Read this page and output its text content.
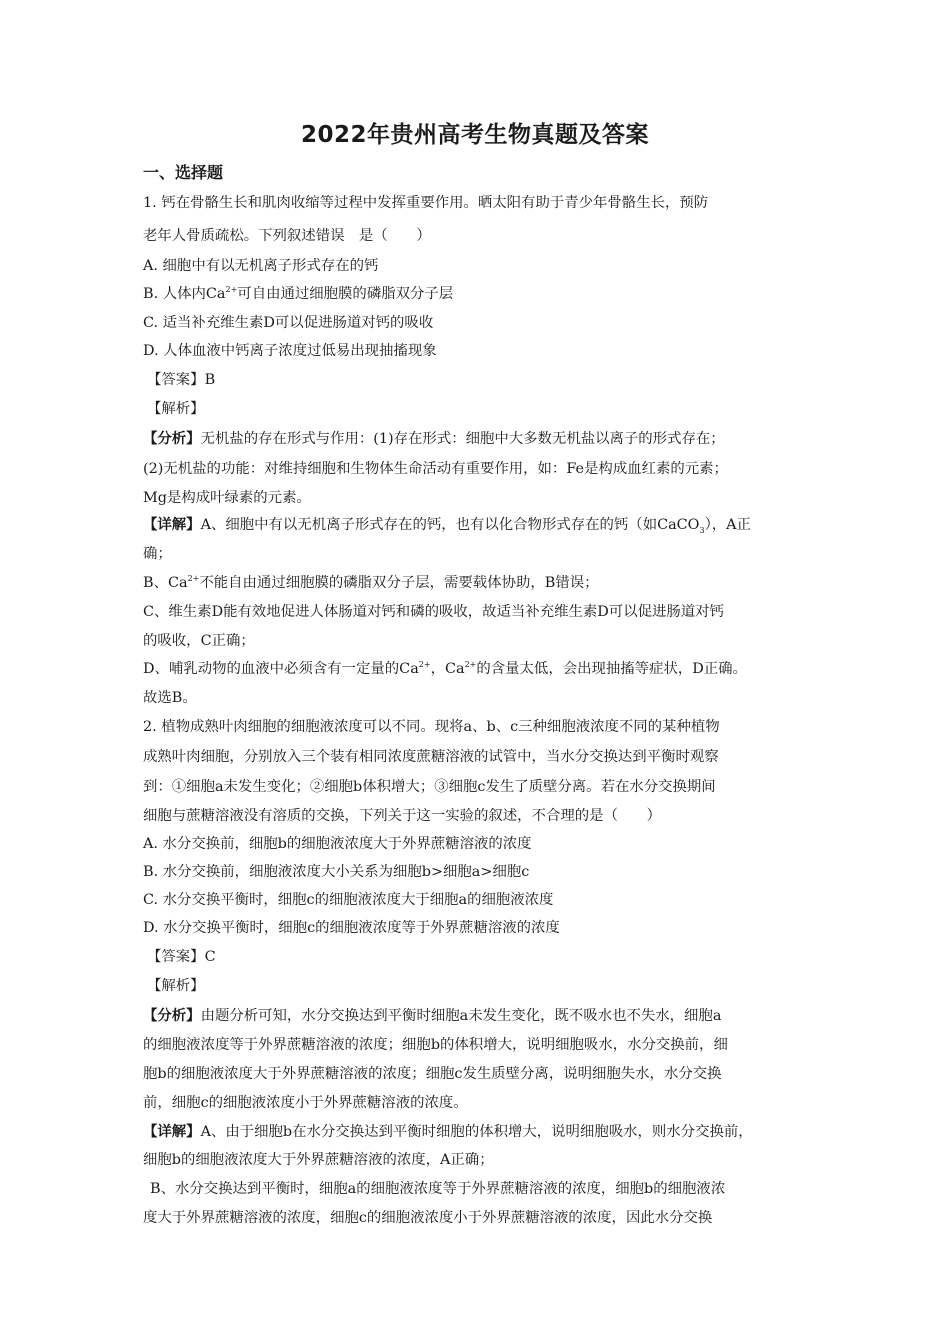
2022年贵州高考生物真题及答案
一、选择题
1. 钙在骨骼生长和肌肉收缩等过程中发挥重要作用。晒太阳有助于青少年骨骼生长，预防
老年人骨质疏松。下列叙述错误　是（　　）
A. 细胞中有以无机离子形式存在的钙
B. 人体内$Ca^{2+}$可自由通过细胞膜的磷脂双分子层
C. 适当补充维生素D可以促进肠道对钙的吸收
D. 人体血液中钙离子浓度过低易出现抽搐现象
【答案】B
【解析】
【分析】无机盐的存在形式与作用：(1)存在形式：细胞中大多数无机盐以离子的形式存在；
(2)无机盐的功能：对维持细胞和生物体生命活动有重要作用，如：Fe是构成血红素的元素；
Mg是构成叶绿素的元素。
【详解】A、细胞中有以无机离子形式存在的钙，也有以化合物形式存在的钙（如CaCO$_3$），A正
确；
B、$Ca^{2+}$不能自由通过细胞膜的磷脂双分子层，需要载体协助，B错误；
C、维生素D能有效地促进人体肠道对钙和磷的吸收，故适当补充维生素D可以促进肠道对钙
的吸收，C正确；
D、哺乳动物的血液中必须含有一定量的$Ca^{2+}$，$Ca^{2+}$的含量太低，会出现抽搐等症状，D正确。
故选B。
2. 植物成熟叶肉细胞的细胞液浓度可以不同。现将a、b、c三种细胞液浓度不同的某种植物
成熟叶肉细胞，分别放入三个装有相同浓度蔗糖溶液的试管中，当水分交换达到平衡时观察
到：①细胞a未发生变化；②细胞b体积增大；③细胞c发生了质壁分离。若在水分交换期间
细胞与蔗糖溶液没有溶质的交换，下列关于这一实验的叙述，不合理的是（　　）
A. 水分交换前，细胞b的细胞液浓度大于外界蔗糖溶液的浓度
B. 水分交换前，细胞液浓度大小关系为细胞b>细胞a>细胞c
C. 水分交换平衡时，细胞c的细胞液浓度大于细胞a的细胞液浓度
D. 水分交换平衡时，细胞c的细胞液浓度等于外界蔗糖溶液的浓度
【答案】C
【解析】
【分析】由题分析可知，水分交换达到平衡时细胞a未发生变化，既不吸水也不失水，细胞a
的细胞液浓度等于外界蔗糖溶液的浓度；细胞b的体积增大，说明细胞吸水，水分交换前，细
胞b的细胞液浓度大于外界蔗糖溶液的浓度；细胞c发生质壁分离，说明细胞失水，水分交换
前，细胞c的细胞液浓度小于外界蔗糖溶液的浓度。
【详解】A、由于细胞b在水分交换达到平衡时细胞的体积增大，说明细胞吸水，则水分交换前，
细胞b的细胞液浓度大于外界蔗糖溶液的浓度，A正确；
B、水分交换达到平衡时，细胞a的细胞液浓度等于外界蔗糖溶液的浓度，细胞b的细胞液浓
度大于外界蔗糖溶液的浓度，细胞c的细胞液浓度小于外界蔗糖溶液的浓度，因此水分交换
